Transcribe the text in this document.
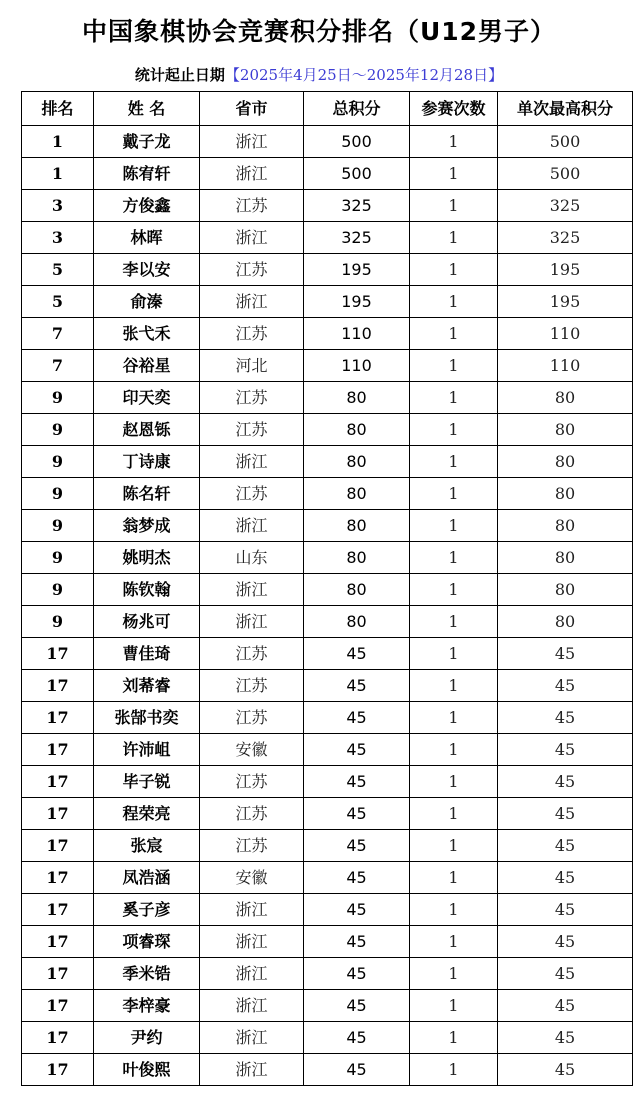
中国象棋协会竞赛积分排名（U12男子）
统计起止日期【2025年4月25日～2025年12月28日】
排名	姓 名	省市	总积分	参赛次数	单次最高积分
1	戴子龙	浙江	500	1	500
1	陈宥轩	浙江	500	1	500
3	方俊鑫	江苏	325	1	325
3	林晖	浙江	325	1	325
5	李以安	江苏	195	1	195
5	俞溱	浙江	195	1	195
7	张弋禾	江苏	110	1	110
7	谷裕星	河北	110	1	110
9	印天奕	江苏	80	1	80
9	赵恩铄	江苏	80	1	80
9	丁诗康	浙江	80	1	80
9	陈名轩	江苏	80	1	80
9	翁梦成	浙江	80	1	80
9	姚明杰	山东	80	1	80
9	陈钦翰	浙江	80	1	80
9	杨兆可	浙江	80	1	80
17	曹佳琦	江苏	45	1	45
17	刘莃睿	江苏	45	1	45
17	张郜书奕	江苏	45	1	45
17	许沛岨	安徽	45	1	45
17	毕子锐	江苏	45	1	45
17	程荣亮	江苏	45	1	45
17	张宸	江苏	45	1	45
17	凤浩涵	安徽	45	1	45
17	奚子彦	浙江	45	1	45
17	项睿琛	浙江	45	1	45
17	季米锆	浙江	45	1	45
17	李梓豪	浙江	45	1	45
17	尹约	浙江	45	1	45
17	叶俊熙	浙江	45	1	45
